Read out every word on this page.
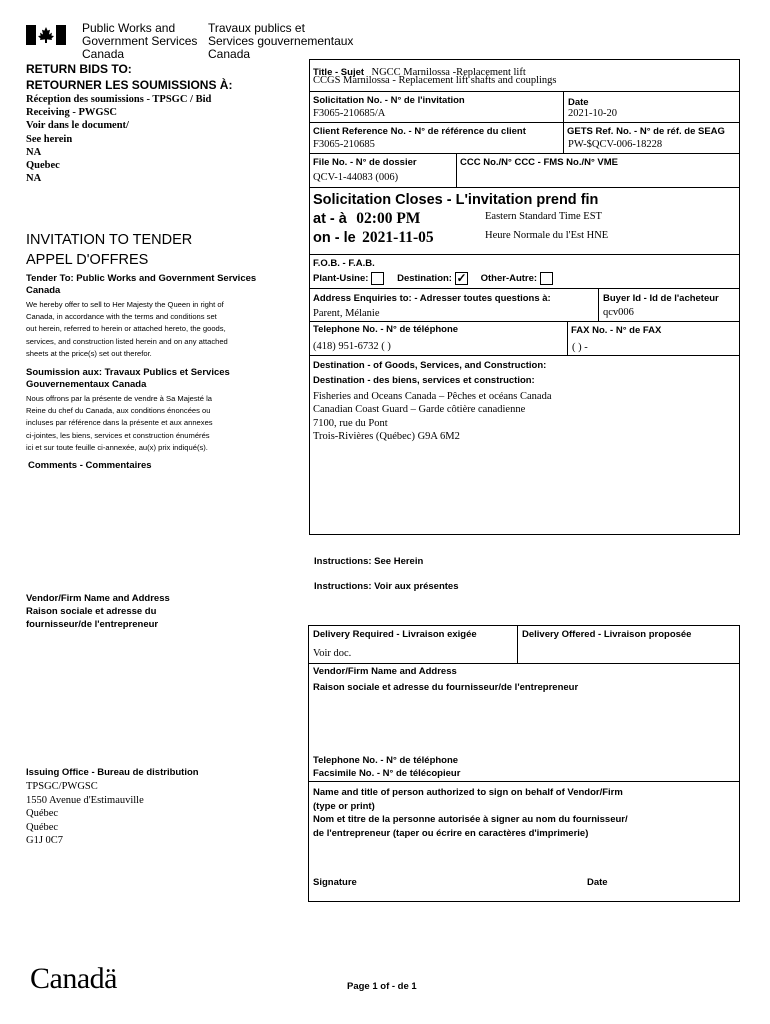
Public Works and
Government Services
Canada
Travaux publics et
Services gouvernementaux
Canada
RETURN BIDS TO:
RETOURNER LES SOUMISSIONS À:
Réception des soumissions - TPSGC / Bid
Receiving - PWGSC
Voir dans le document/
See herein
NA
Quebec
NA
INVITATION TO TENDER
APPEL D'OFFRES
Tender To: Public Works and Government Services Canada
We hereby offer to sell to Her Majesty the Queen in right of
Canada, in accordance with the terms and conditions set
out herein, referred to herein or attached hereto, the goods,
services, and construction listed herein and on any attached
sheets at the price(s) set out therefor.
Soumission aux: Travaux Publics et Services Gouvernementaux Canada
Nous offrons par la présente de vendre à Sa Majesté la
Reine du chef du Canada, aux conditions énoncées ou
incluses par référence dans la présente et aux annexes
ci-jointes, les biens, services et construction énumérés
ici et sur toute feuille ci-annexée, au(x) prix indiqué(s).
Comments - Commentaires
Vendor/Firm Name and Address
Raison sociale et adresse du
fournisseur/de l'entrepreneur
Issuing Office - Bureau de distribution
TPSGC/PWGSC
1550 Avenue d'Estimauville
Québec
Québec
G1J 0C7
Title - Sujet NGCC Marnilossa -Replacement lift
CCGS Marnilossa - Replacement lift shafts and couplings
Solicitation No. - N° de l'invitation
F3065-210685/A
Date
2021-10-20
Client Reference No. - N° de référence du client
F3065-210685
GETS Ref. No. - N° de réf. de SEAG
PW-$QCV-006-18228
File No. - N° de dossier
QCV-1-44083 (006)
CCC No./N° CCC - FMS No./N° VME
Solicitation Closes - L'invitation prend fin
at - à 02:00 PM
on - le 2021-11-05
Eastern Standard Time EST
Heure Normale du l'Est HNE
F.O.B. - F.A.B.
Plant-Usine:	Destination: ✓ Other-Autre:
Address Enquiries to: - Adresser toutes questions à:
Parent, Mélanie
Buyer Id - Id de l'acheteur
qcv006
Telephone No. - N° de téléphone
(418) 951-6732 ( )
FAX No. - N° de FAX
( ) -
Destination - of Goods, Services, and Construction:
Destination - des biens, services et construction:
Fisheries and Oceans Canada – Pêches et océans Canada
Canadian Coast Guard – Garde côtière canadienne
7100, rue du Pont
Trois-Rivières (Québec) G9A 6M2
Instructions: See Herein
Instructions: Voir aux présentes
Delivery Required - Livraison exigée
Voir doc.
Delivery Offered - Livraison proposée
Vendor/Firm Name and Address
Raison sociale et adresse du fournisseur/de l'entrepreneur
Telephone No. - N° de téléphone
Facsimile No. - N° de télécopieur
Name and title of person authorized to sign on behalf of Vendor/Firm
(type or print)
Nom et titre de la personne autorisée à signer au nom du fournisseur/
de l'entrepreneur (taper ou écrire en caractères d'imprimerie)
Signature	Date
Canadä	Page 1 of - de 1
